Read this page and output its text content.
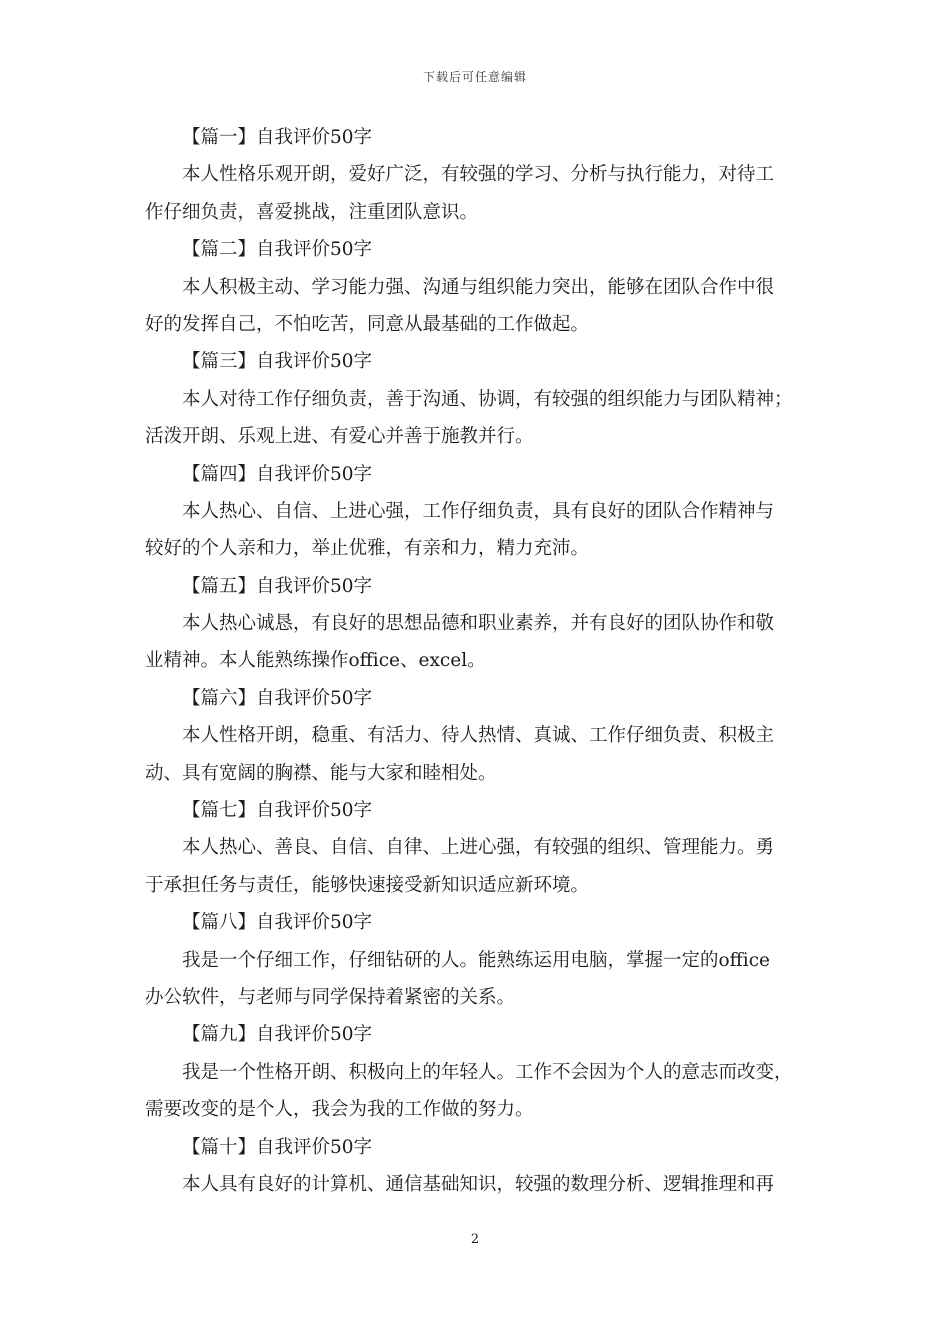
下载后可任意编辑
【篇一】自我评价50字
本人性格乐观开朗，爱好广泛，有较强的学习、分析与执行能力，对待工
作仔细负责，喜爱挑战，注重团队意识。
【篇二】自我评价50字
本人积极主动、学习能力强、沟通与组织能力突出，能够在团队合作中很
好的发挥自己，不怕吃苦，同意从最基础的工作做起。
【篇三】自我评价50字
本人对待工作仔细负责，善于沟通、协调，有较强的组织能力与团队精神；
活泼开朗、乐观上进、有爱心并善于施教并行。
【篇四】自我评价50字
本人热心、自信、上进心强，工作仔细负责，具有良好的团队合作精神与
较好的个人亲和力，举止优雅，有亲和力，精力充沛。
【篇五】自我评价50字
本人热心诚恳，有良好的思想品德和职业素养，并有良好的团队协作和敬
业精神。本人能熟练操作office、excel。
【篇六】自我评价50字
本人性格开朗，稳重、有活力、待人热情、真诚、工作仔细负责、积极主
动、具有宽阔的胸襟、能与大家和睦相处。
【篇七】自我评价50字
本人热心、善良、自信、自律、上进心强，有较强的组织、管理能力。勇
于承担任务与责任，能够快速接受新知识适应新环境。
【篇八】自我评价50字
我是一个仔细工作，仔细钻研的人。能熟练运用电脑，掌握一定的office
办公软件，与老师与同学保持着紧密的关系。
【篇九】自我评价50字
我是一个性格开朗、积极向上的年轻人。工作不会因为个人的意志而改变，
需要改变的是个人，我会为我的工作做的努力。
【篇十】自我评价50字
本人具有良好的计算机、通信基础知识，较强的数理分析、逻辑推理和再
2
